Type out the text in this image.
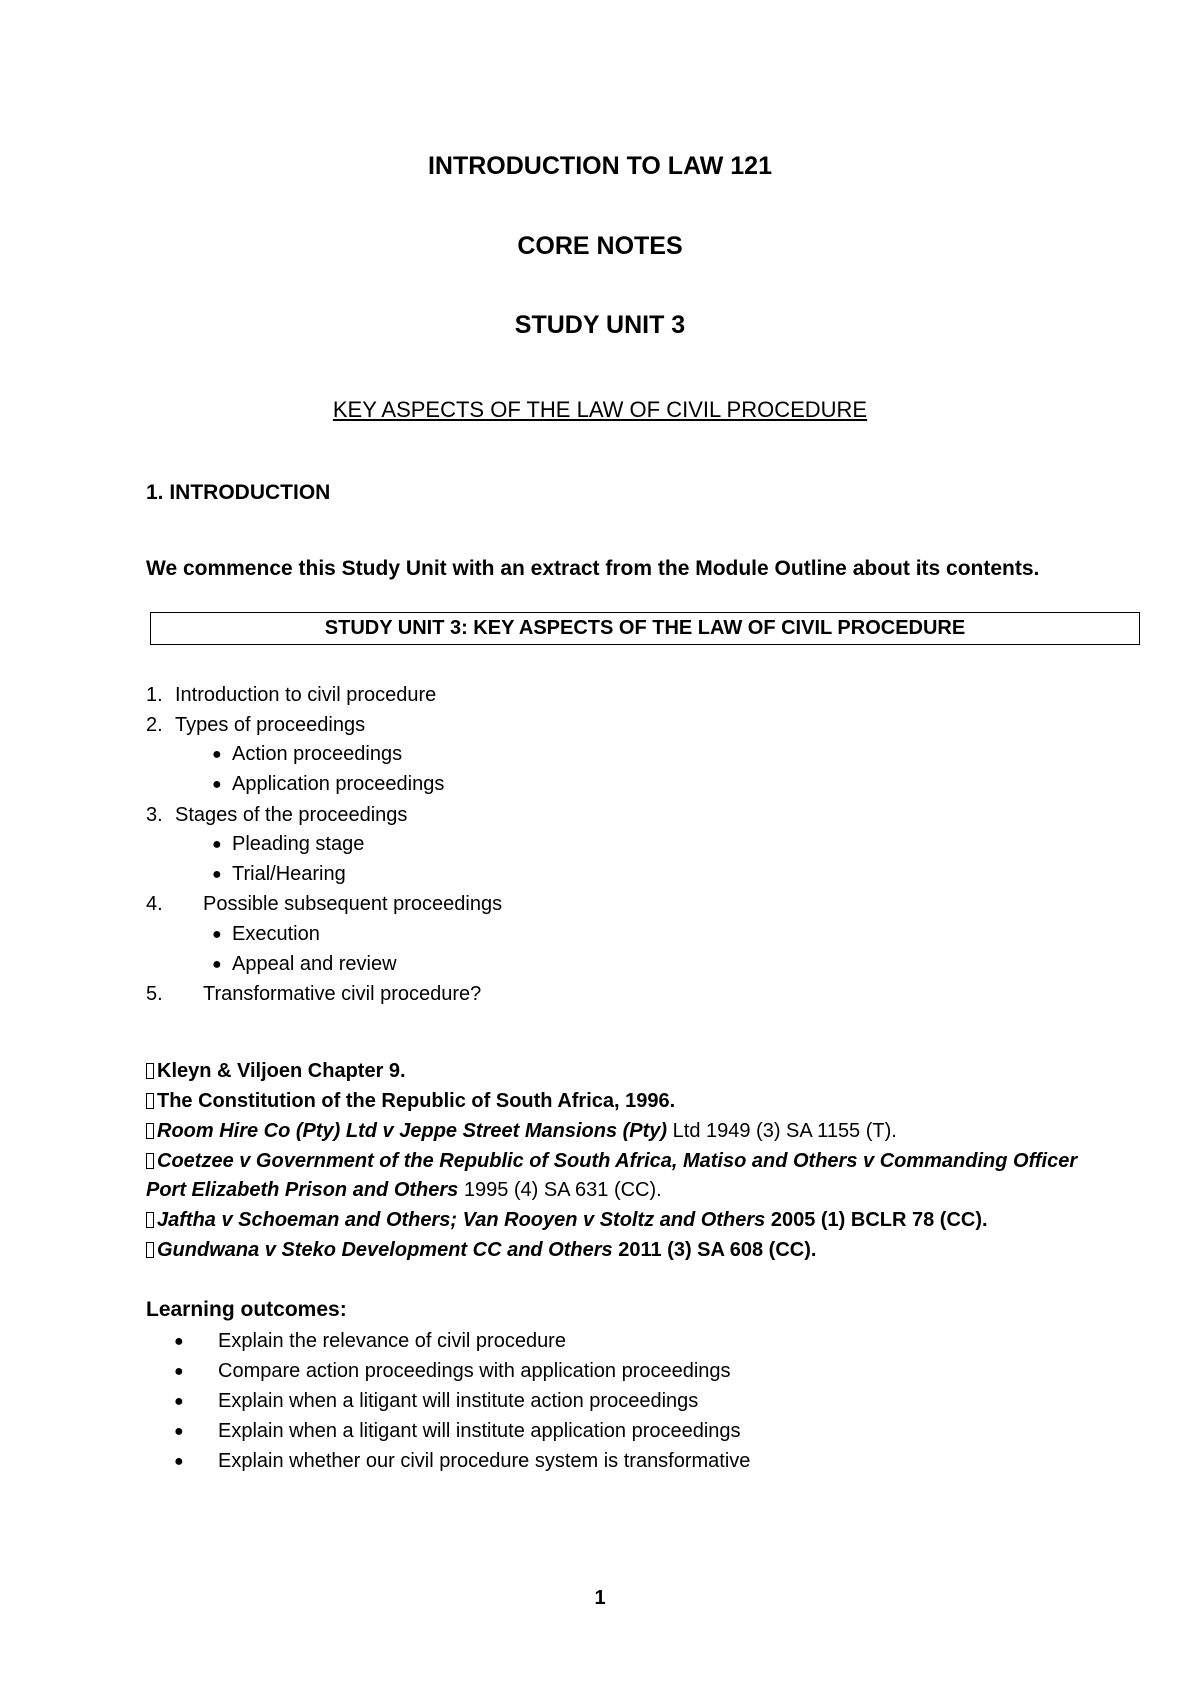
INTRODUCTION TO LAW 121
CORE NOTES
STUDY UNIT 3
KEY ASPECTS OF THE LAW OF CIVIL PROCEDURE
1. INTRODUCTION
We commence this Study Unit with an extract from the Module Outline about its contents.
STUDY UNIT 3: KEY ASPECTS OF THE LAW OF CIVIL PROCEDURE
1. Introduction to civil procedure
2. Types of proceedings
● Action proceedings
● Application proceedings
3. Stages of the proceedings
● Pleading stage
● Trial/Hearing
4. Possible subsequent proceedings
● Execution
● Appeal and review
5. Transformative civil procedure?
Kleyn & Viljoen Chapter 9.
The Constitution of the Republic of South Africa, 1996.
Room Hire Co (Pty) Ltd v Jeppe Street Mansions (Pty) Ltd 1949 (3) SA 1155 (T).
Coetzee v Government of the Republic of South Africa, Matiso and Others v Commanding Officer
Port Elizabeth Prison and Others 1995 (4) SA 631 (CC).
Jaftha v Schoeman and Others; Van Rooyen v Stoltz and Others 2005 (1) BCLR 78 (CC).
Gundwana v Steko Development CC and Others 2011 (3) SA 608 (CC).
Learning outcomes:
● Explain the relevance of civil procedure
● Compare action proceedings with application proceedings
● Explain when a litigant will institute action proceedings
● Explain when a litigant will institute application proceedings
● Explain whether our civil procedure system is transformative
1
